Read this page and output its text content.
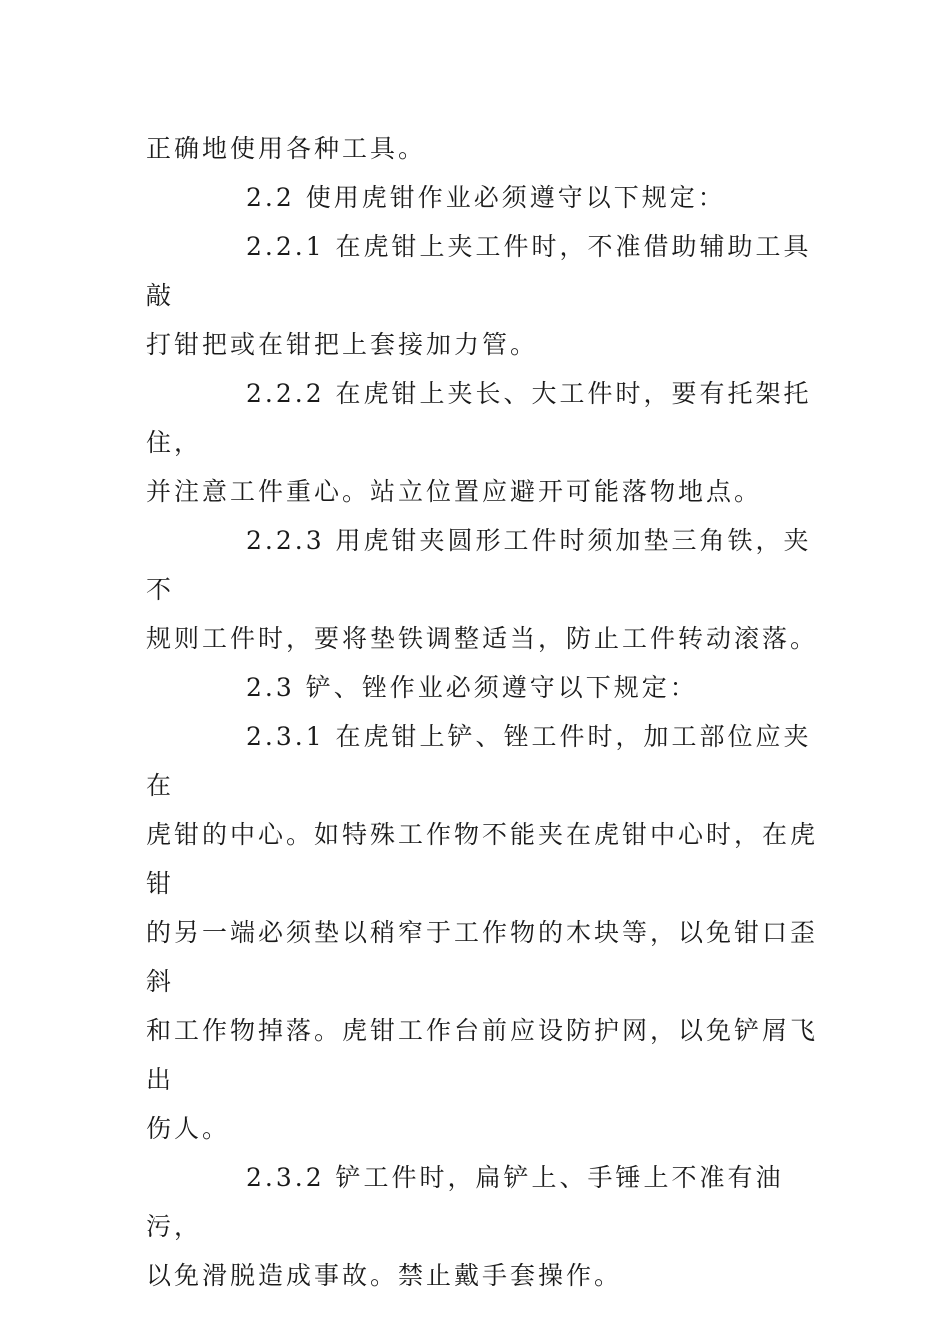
正确地使用各种工具。

2.2 使用虎钳作业必须遵守以下规定：

2.2.1 在虎钳上夹工件时，不准借助辅助工具敲
打钳把或在钳把上套接加力管。

2.2.2 在虎钳上夹长、大工件时，要有托架托住，
并注意工件重心。站立位置应避开可能落物地点。

2.2.3 用虎钳夹圆形工件时须加垫三角铁，夹不
规则工件时，要将垫铁调整适当，防止工件转动滚落。

2.3 铲、锉作业必须遵守以下规定：

2.3.1 在虎钳上铲、锉工件时，加工部位应夹在
虎钳的中心。如特殊工作物不能夹在虎钳中心时，在虎钳
的另一端必须垫以稍窄于工作物的木块等，以免钳口歪斜
和工作物掉落。虎钳工作台前应设防护网，以免铲屑飞出
伤人。

2.3.2 铲工件时，扁铲上、手锤上不准有油污，
以免滑脱造成事故。禁止戴手套操作。
